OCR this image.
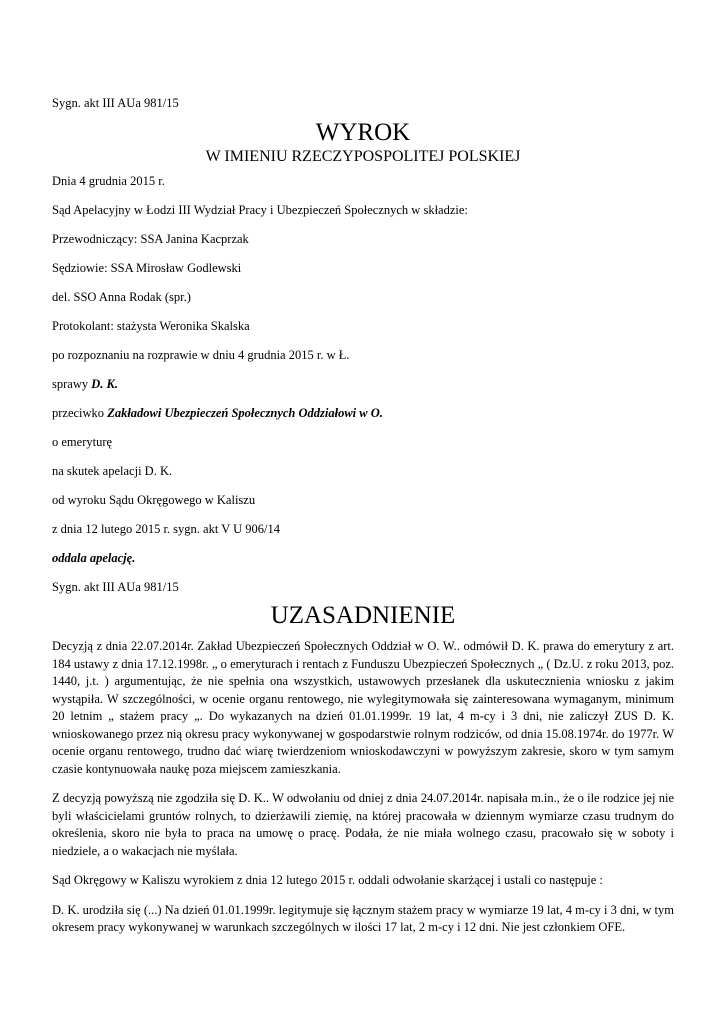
Sygn. akt III AUa 981/15

WYROK
W IMIENIU RZECZYPOSPOLITEJ POLSKIEJ

Dnia 4 grudnia 2015 r.

Sąd Apelacyjny w Łodzi III Wydział Pracy i Ubezpieczeń Społecznych w składzie:

Przewodniczący: SSA Janina Kacprzak

Sędziowie: SSA Mirosław Godlewski

del. SSO Anna Rodak (spr.)

Protokolant: stażysta Weronika Skalska

po rozpoznaniu na rozprawie w dniu 4 grudnia 2015 r. w Ł.

sprawy D. K.

przeciwko Zakładowi Ubezpieczeń Społecznych Oddziałowi w O.

o emeryturę

na skutek apelacji D. K.

od wyroku Sądu Okręgowego w Kaliszu

z dnia 12 lutego 2015 r. sygn. akt V U 906/14

oddala apelację.

Sygn. akt III AUa 981/15

UZASADNIENIE

Decyzją z dnia 22.07.2014r. Zakład Ubezpieczeń Społecznych Oddział w O. W.. odmówił D. K. prawa do emerytury z art. 184 ustawy z dnia 17.12.1998r. „ o emeryturach i rentach z Funduszu Ubezpieczeń Społecznych „ ( Dz.U. z roku 2013, poz. 1440, j.t. ) argumentując, że nie spełnia ona wszystkich, ustawowych przesłanek dla uskutecznienia wniosku z jakim wystąpiła. W szczególności, w ocenie organu rentowego, nie wylegitymowała się zainteresowana wymaganym, minimum 20 letnim „ stażem pracy „. Do wykazanych na dzień 01.01.1999r. 19 lat, 4 m-cy i 3 dni, nie zaliczył ZUS D. K. wnioskowanego przez nią okresu pracy wykonywanej w gospodarstwie rolnym rodziców, od dnia 15.08.1974r. do 1977r. W ocenie organu rentowego, trudno dać wiarę twierdzeniom wnioskodawczyni w powyższym zakresie, skoro w tym samym czasie kontynuowała naukę poza miejscem zamieszkania.

Z decyzją powyższą nie zgodziła się D. K.. W odwołaniu od dniej z dnia 24.07.2014r. napisała m.in., że o ile rodzice jej nie byli właścicielami gruntów rolnych, to dzierżawili ziemię, na której pracowała w dziennym wymiarze czasu trudnym do określenia, skoro nie była to praca na umowę o pracę. Podała, że nie miała wolnego czasu, pracowało się w soboty i niedziele, a o wakacjach nie myślała.

Sąd Okręgowy w Kaliszu wyrokiem z dnia 12 lutego 2015 r. oddali odwołanie skarżącej i ustali co następuje :

D. K. urodziła się (...) Na dzień 01.01.1999r. legitymuje się łącznym stażem pracy w wymiarze 19 lat, 4 m-cy i 3 dni, w tym okresem pracy wykonywanej w warunkach szczególnych w ilości 17 lat, 2 m-cy i 12 dni. Nie jest członkiem OFE.
